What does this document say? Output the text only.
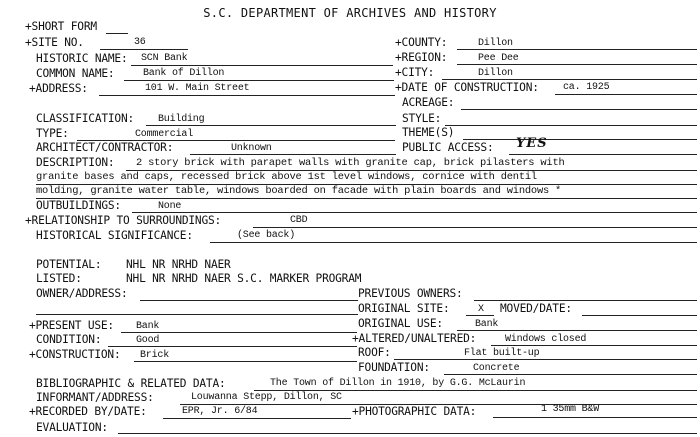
S.C. DEPARTMENT OF ARCHIVES AND HISTORY
+SHORT FORM
+SITE NO.	36
HISTORIC NAME: SCN Bank
COMMON NAME:	Bank of Dillon
+ADDRESS:	101 W. Main Street
+COUNTY:	Dillon
+REGION:	Pee Dee
+CITY:	Dillon
+DATE OF CONSTRUCTION: ca. 1925
ACREAGE:
CLASSIFICATION: Building	STYLE:
TYPE:	Commercial	THEME(S)
ARCHITECT/CONTRACTOR:	Unknown	PUBLIC ACCESS: YES
DESCRIPTION: 2 story brick with parapet walls with granite cap, brick pilasters with
granite bases and caps, recessed brick above 1st level windows, cornice with dentil
molding, granite water table, windows boarded on facade with plain boards and windows *
OUTBUILDINGS:	None
+RELATIONSHIP TO SURROUNDINGS:	CBD
HISTORICAL SIGNIFICANCE:	(See back)
POTENTIAL: NHL NR NRHD NAER
LISTED:	NHL NR NRHD NAER S.C. MARKER PROGRAM
OWNER/ADDRESS:	PREVIOUS OWNERS:
ORIGINAL SITE:	X MOVED/DATE:
+PRESENT USE: Bank	ORIGINAL USE:	Bank
CONDITION:	Good	+ALTERED/UNALTERED:	Windows closed
+CONSTRUCTION: Brick	ROOF:	Flat built-up
FOUNDATION:	Concrete
BIBLIOGRAPHIC & RELATED DATA:	The Town of Dillon in 1910, by G.G. McLaurin
INFORMANT/ADDRESS:	Louwanna Stepp, Dillon, SC
+RECORDED BY/DATE:	EPR, Jr. 6/84	+PHOTOGRAPHIC DATA:	1 35mm B&W
EVALUATION:
